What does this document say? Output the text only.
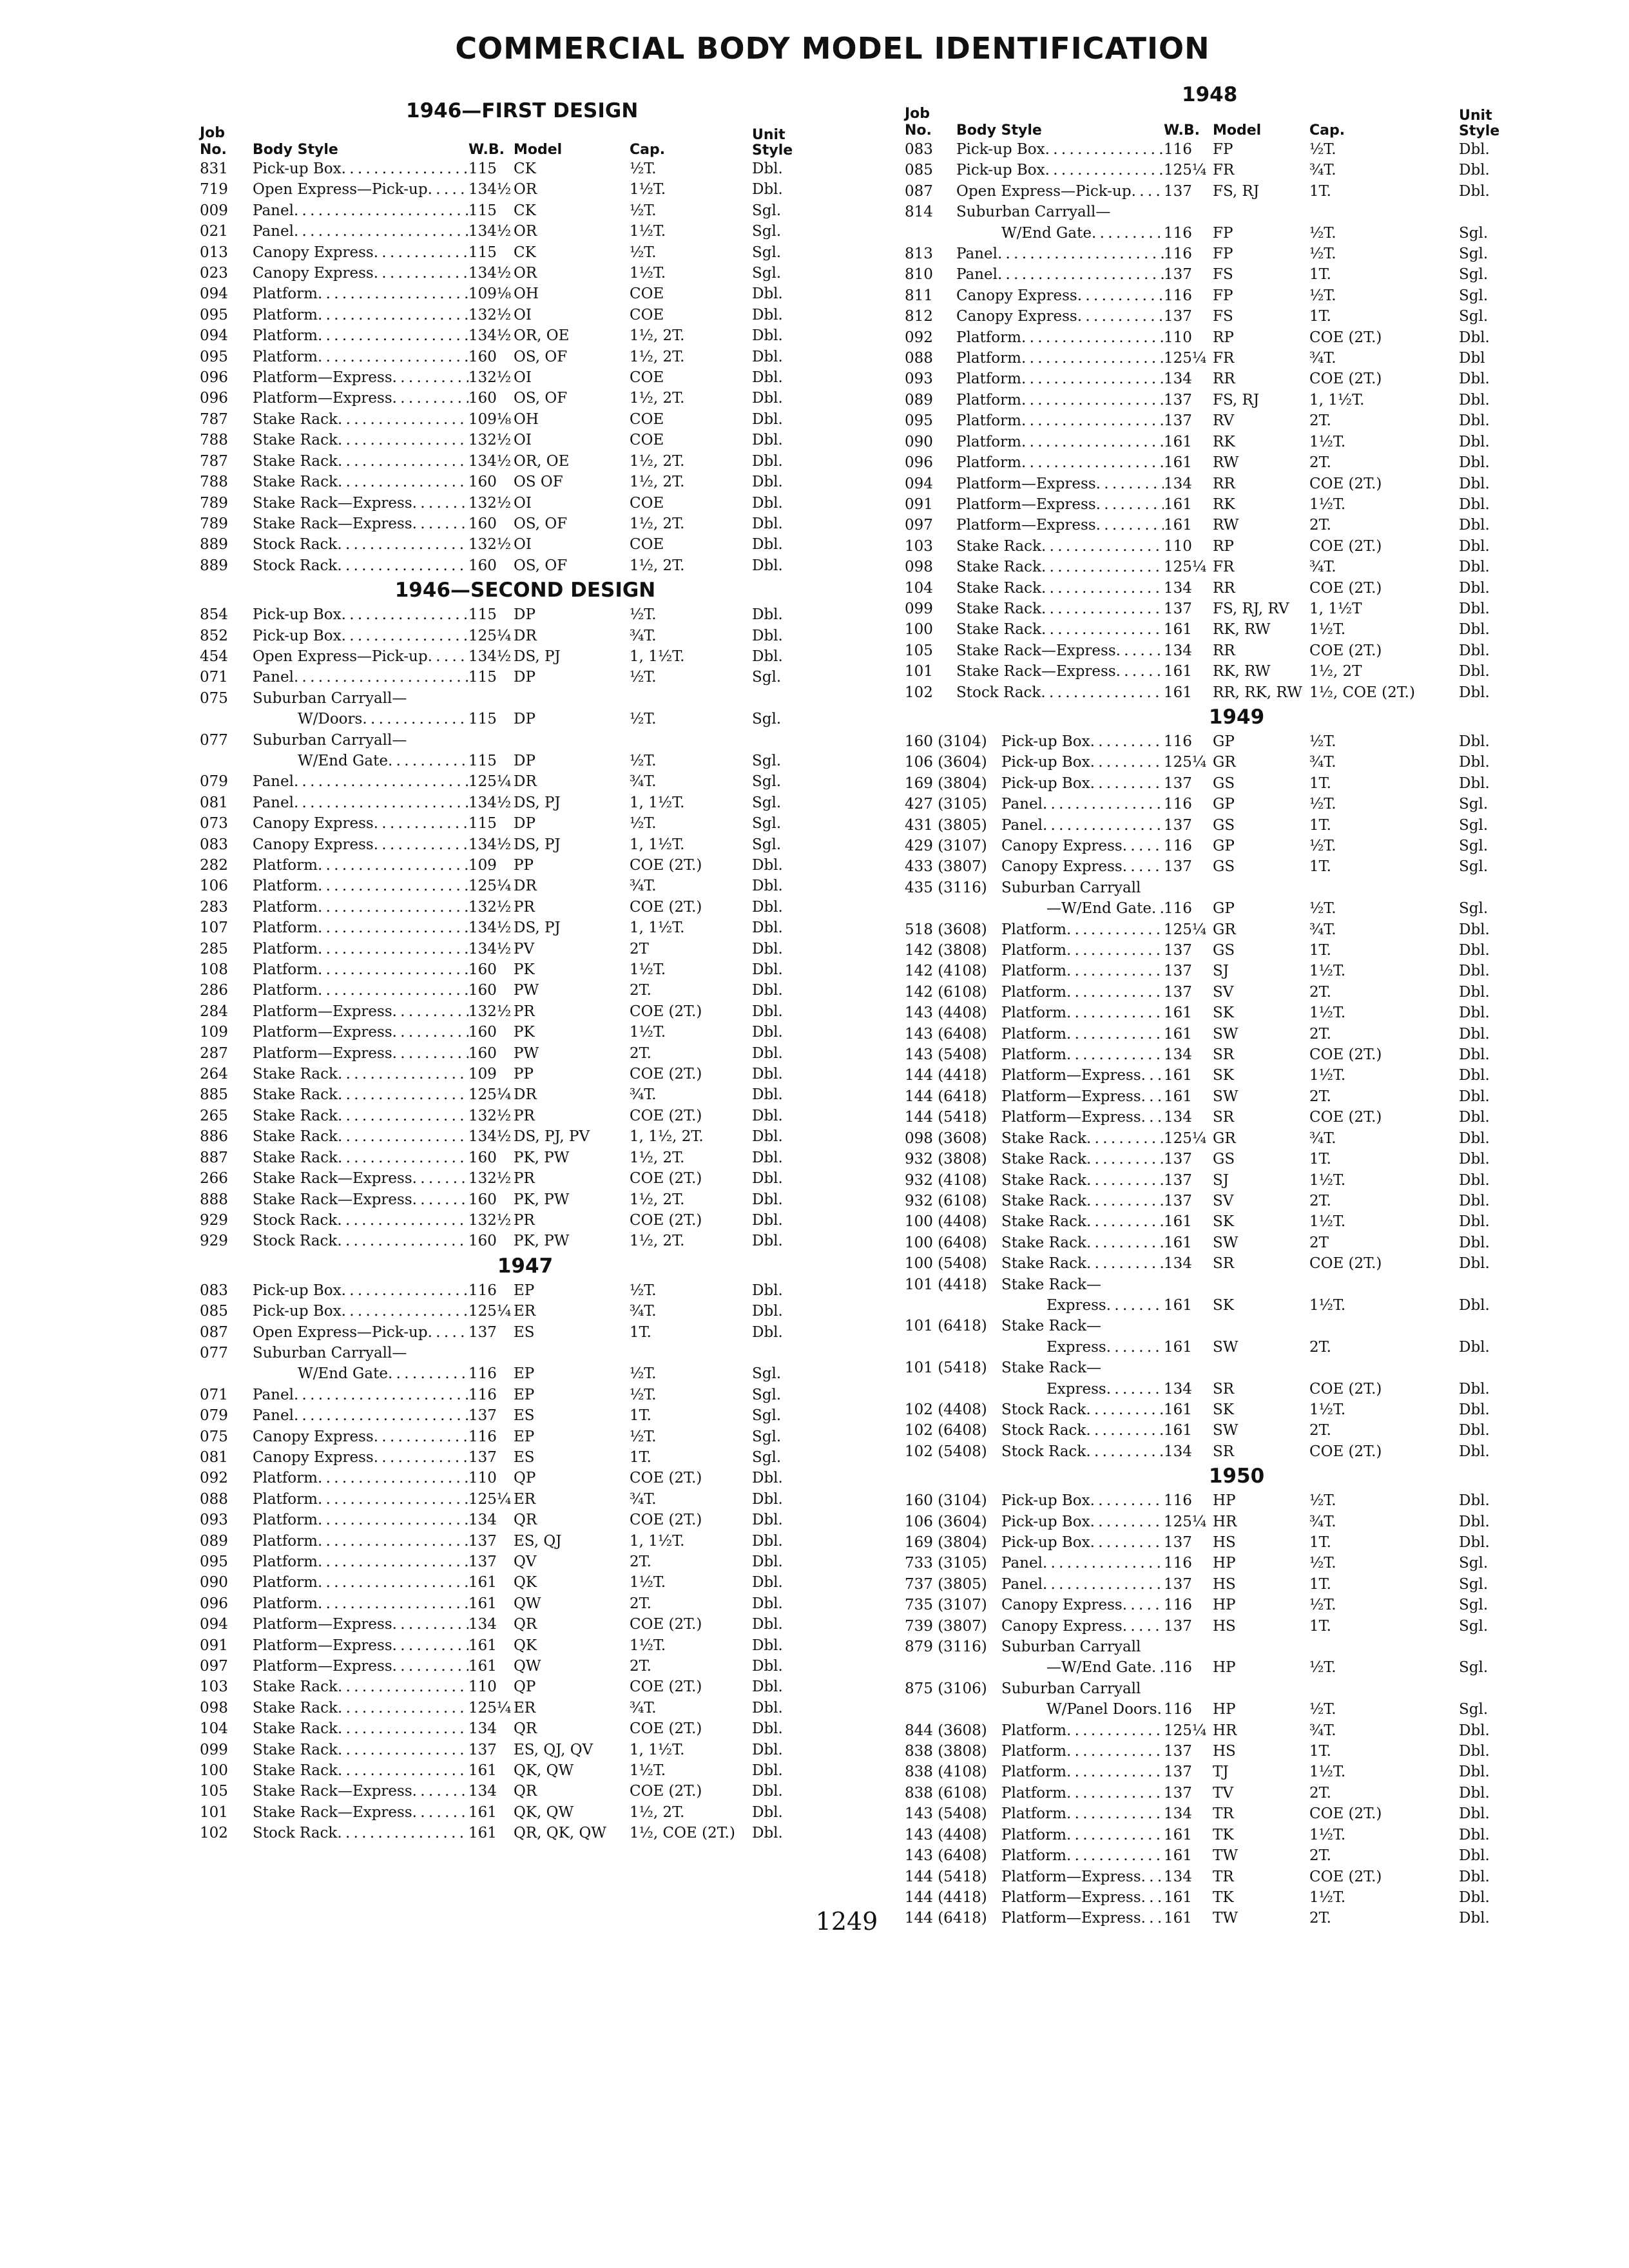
COMMERCIAL BODY MODEL IDENTIFICATION
1946—FIRST DESIGN
Job No.	Body Style	W.B. Model	Cap.
Unit
Style
831	Pick-up Box . . .	115	CK	½T.	Dbl.
719	Open Express—Pick-up . . .	134½ OR	1½T.	Dbl.
009	Panel . . .	115	CK	½T.	Sgl.
021	Panel . . .	134½ OR	1½T.	Sgl.
013	Canopy Express . . .	115	CK	½T.	Sgl.
023	Canopy Express . . .	134½ OR	1½T.	Sgl.
094	Platform . . .	109⅛ OH	COE	Dbl.
095	Platform . . .	132½ OI	COE	Dbl.
094	Platform . . .	134½ OR, OE	1½, 2T.	Dbl.
095	Platform . . .	160	OS, OF	1½, 2T.	Dbl.
096	Platform—Express . . .	132½ OI	COE	Dbl.
096	Platform—Express . . .	160	OS, OF	1½, 2T.	Dbl.
787	Stake Rack . . .	109⅛ OH	COE	Dbl.
788	Stake Rack . . .	132½ OI	COE	Dbl.
787	Stake Rack . . .	134½ OR, OE	1½, 2T.	Dbl.
788	Stake Rack . . .	160	OS OF	1½, 2T.	Dbl.
789	Stake Rack—Express . . .	132½ OI	COE	Dbl.
789	Stake Rack—Express . . .	160	OS, OF	1½, 2T.	Dbl.
889	Stock Rack . . .	132½ OI	COE	Dbl.
889	Stock Rack . . .	160	OS, OF	1½, 2T.	Dbl.
1946—SECOND DESIGN
854	Pick-up Box . . .	115	DP	½T.	Dbl.
852	Pick-up Box . . .	125¼ DR	¾T.	Dbl.
454	Open Express—Pick-up . . .	134½ DS, PJ	1, 1½T.	Dbl.
071	Panel . . .	115	DP	½T.	Sgl.
075	Suburban Carryall—
W/Doors . . .	115	DP	½T.	Sgl.
077	Suburban Carryall—
W/End Gate . . .	115	DP	½T.	Sgl.
079	Panel . . .	125¼ DR	¾T.	Sgl.
081	Panel . . .	134½ DS, PJ	1, 1½T.	Sgl.
073	Canopy Express . . .	115	DP	½T.	Sgl.
083	Canopy Express . . .	134½ DS, PJ	1, 1½T.	Sgl.
282	Platform . . .	109	PP	COE (2T.)	Dbl.
106	Platform . . .	125¼ DR	¾T.	Dbl.
283	Platform . . .	132½ PR	COE (2T.)	Dbl.
107	Platform . . .	134½ DS, PJ	1, 1½T.	Dbl.
285	Platform . . .	134½ PV	2T	Dbl.
108	Platform . . .	160	PK	1½T.	Dbl.
286	Platform . . .	160	PW	2T.	Dbl.
284	Platform—Express . . .	132½ PR	COE (2T.)	Dbl.
109	Platform—Express . . .	160	PK	1½T.	Dbl.
287	Platform—Express . . .	160	PW	2T.	Dbl.
264	Stake Rack . . .	109	PP	COE (2T.)	Dbl.
885	Stake Rack . . .	125¼ DR	¾T.	Dbl.
265	Stake Rack . . .	132½ PR	COE (2T.)	Dbl.
886	Stake Rack . . .	134½ DS, PJ, PV	1, 1½, 2T.	Dbl.
887	Stake Rack . . .	160	PK, PW	1½, 2T.	Dbl.
266	Stake Rack—Express . . .	132½ PR	COE (2T.)	Dbl.
888	Stake Rack—Express . . .	160	PK, PW	1½, 2T.	Dbl.
929	Stock Rack . . .	132½ PR	COE (2T.)	Dbl.
929	Stock Rack . . .	160	PK, PW	1½, 2T.	Dbl.
1947
083	Pick-up Box . . .	116	EP	½T.	Dbl.
085	Pick-up Box . . .	125¼ ER	¾T.	Dbl.
087	Open Express—Pick-up . . .	137	ES	1T.	Dbl.
077	Suburban Carryall—
W/End Gate . . .	116	EP	½T.	Sgl.
071	Panel . . .	116	EP	½T.	Sgl.
079	Panel . . .	137	ES	1T.	Sgl.
075	Canopy Express . . .	116	EP	½T.	Sgl.
081	Canopy Express . . .	137	ES	1T.	Sgl.
092	Platform . . .	110	QP	COE (2T.)	Dbl.
088	Platform . . .	125¼ ER	¾T.	Dbl.
093	Platform . . .	134	QR	COE (2T.)	Dbl.
089	Platform . . .	137	ES, QJ	1, 1½T.	Dbl.
095	Platform . . .	137	QV	2T.	Dbl.
090	Platform . . .	161	QK	1½T.	Dbl.
096	Platform . . .	161	QW	2T.	Dbl.
094	Platform—Express . . .	134	QR	COE (2T.)	Dbl.
091	Platform—Express . . .	161	QK	1½T.	Dbl.
097	Platform—Express . . .	161	QW	2T.	Dbl.
103	Stake Rack . . .	110	QP	COE (2T.)	Dbl.
098	Stake Rack . . .	125¼ ER	¾T.	Dbl.
104	Stake Rack . . .	134	QR	COE (2T.)	Dbl.
099	Stake Rack . . .	137	ES, QJ, QV	1, 1½T.	Dbl.
100	Stake Rack . . .	161	QK, QW	1½T.	Dbl.
105	Stake Rack—Express . . .	134	QR	COE (2T.)	Dbl.
101	Stake Rack—Express . . .	161	QK, QW	1½, 2T.	Dbl.
102	Stock Rack . . .	161	QR, QK, QW	1½, COE (2T.)	Dbl.
1948
Job No.	Body Style	W.B. Model	Cap.
Unit
Style
083	Pick-up Box . . .	116	FP	½T.	Dbl.
085	Pick-up Box . . .	125¼ FR	¾T.	Dbl.
087	Open Express—Pick-up . . . 137	FS, RJ	1T.	Dbl.
814	Suburban Carryall—
W/End Gate . . .	116	FP	½T.	Sgl.
813	Panel . . .	116	FP	½T.	Sgl.
810	Panel . . .	137	FS	1T.	Sgl.
811	Canopy Express . . .	116	FP	½T.	Sgl.
812	Canopy Express . . .	137	FS	1T.	Sgl.
092	Platform . . .	110	RP	COE (2T.)	Dbl.
088	Platform . . .	125¼ FR	¾T.	Dbl
093	Platform . . .	134	RR	COE (2T.)	Dbl.
089	Platform . . .	137	FS, RJ	1, 1½T.	Dbl.
095	Platform . . .	137	RV	2T.	Dbl.
090	Platform . . .	161	RK	1½T.	Dbl.
096	Platform . . .	161	RW	2T.	Dbl.
094	Platform—Express . . .	134	RR	COE (2T.)	Dbl.
091	Platform—Express . . .	161	RK	1½T.	Dbl.
097	Platform—Express . . .	161	RW	2T.	Dbl.
103	Stake Rack . . .	110	RP	COE (2T.)	Dbl.
098	Stake Rack . . .	125¼ FR	¾T.	Dbl.
104	Stake Rack . . .	134	RR	COE (2T.)	Dbl.
099	Stake Rack . . .	137	FS, RJ, RV	1, 1½T	Dbl.
100	Stake Rack . . .	161	RK, RW	1½T.	Dbl.
105	Stake Rack—Express . . .	134	RR	COE (2T.)	Dbl.
101	Stake Rack—Express . . .	161	RK, RW	1½, 2T	Dbl.
102	Stock Rack . . .	161	RR, RK, RW 1½, COE (2T.)	Dbl.
1949
160 (3104) Pick-up Box . . .	116	GP	½T.	Dbl.
106 (3604) Pick-up Box . . .	125¼ GR	¾T.	Dbl.
169 (3804) Pick-up Box . . .	137	GS	1T.	Dbl.
427 (3105) Panel . . .	116	GP	½T.	Sgl.
431 (3805) Panel . . .	137	GS	1T.	Sgl.
429 (3107) Canopy Express . . .	116	GP	½T.	Sgl.
433 (3807) Canopy Express . . .	137	GS	1T.	Sgl.
435 (3116) Suburban Carryall
—W/End Gate . . . 116	GP	½T.	Sgl.
518 (3608) Platform . . .	125¼ GR	¾T.	Dbl.
142 (3808) Platform . . .	137	GS	1T.	Dbl.
142 (4108) Platform . . .	137	SJ	1½T.	Dbl.
142 (6108) Platform . . .	137	SV	2T.	Dbl.
143 (4408) Platform . . .	161	SK	1½T.	Dbl.
143 (6408) Platform . . .	161	SW	2T.	Dbl.
143 (5408) Platform . . .	134	SR	COE (2T.)	Dbl.
144 (4418) Platform—Express . . . 161	SK	1½T.	Dbl.
144 (6418) Platform—Express . . . 161	SW	2T.	Dbl.
144 (5418) Platform—Express . . . 134	SR	COE (2T.)	Dbl.
098 (3608) Stake Rack . . .	125¼ GR	¾T.	Dbl.
932 (3808) Stake Rack . . .	137	GS	1T.	Dbl.
932 (4108) Stake Rack . . .	137	SJ	1½T.	Dbl.
932 (6108) Stake Rack . . .	137	SV	2T.	Dbl.
100 (4408) Stake Rack . . .	161	SK	1½T.	Dbl.
100 (6408) Stake Rack . . .	161	SW	2T	Dbl.
100 (5408) Stake Rack . . .	134	SR	COE (2T.)	Dbl.
101 (4418) Stake Rack—
Express . . .	161	SK	1½T.	Dbl.
101 (6418) Stake Rack—
Express . . .	161	SW	2T.	Dbl.
101 (5418) Stake Rack—
Express . . .	134	SR	COE (2T.)	Dbl.
102 (4408) Stock Rack . . .	161	SK	1½T.	Dbl.
102 (6408) Stock Rack . . .	161	SW	2T.	Dbl.
102 (5408) Stock Rack . . .	134	SR	COE (2T.)	Dbl.
1950
160 (3104) Pick-up Box . . .	116	HP	½T.	Dbl.
106 (3604) Pick-up Box . . .	125¼ HR	¾T.	Dbl.
169 (3804) Pick-up Box . . .	137	HS	1T.	Dbl.
733 (3105) Panel . . .	116	HP	½T.	Sgl.
737 (3805) Panel . . .	137	HS	1T.	Sgl.
735 (3107) Canopy Express . . .	116	HP	½T.	Sgl.
739 (3807) Canopy Express . . .	137	HS	1T.	Sgl.
879 (3116) Suburban Carryall
—W/End Gate . . . 116	HP	½T.	Sgl.
875 (3106) Suburban Carryall
W/Panel Doors . . . 116	HP	½T.	Sgl.
844 (3608) Platform . . .	125¼ HR	¾T.	Dbl.
838 (3808) Platform . . .	137	HS	1T.	Dbl.
838 (4108) Platform . . .	137	TJ	1½T.	Dbl.
838 (6108) Platform . . .	137	TV	2T.	Dbl.
143 (5408) Platform . . .	134	TR	COE (2T.)	Dbl.
143 (4408) Platform . . .	161	TK	1½T.	Dbl.
143 (6408) Platform . . .	161	TW	2T.	Dbl.
144 (5418) Platform—Express . . . 134	TR	COE (2T.)	Dbl.
144 (4418) Platform—Express . . . 161	TK	1½T.	Dbl.
144 (6418) Platform—Express . . . 161	TW	2T.	Dbl.
1249
